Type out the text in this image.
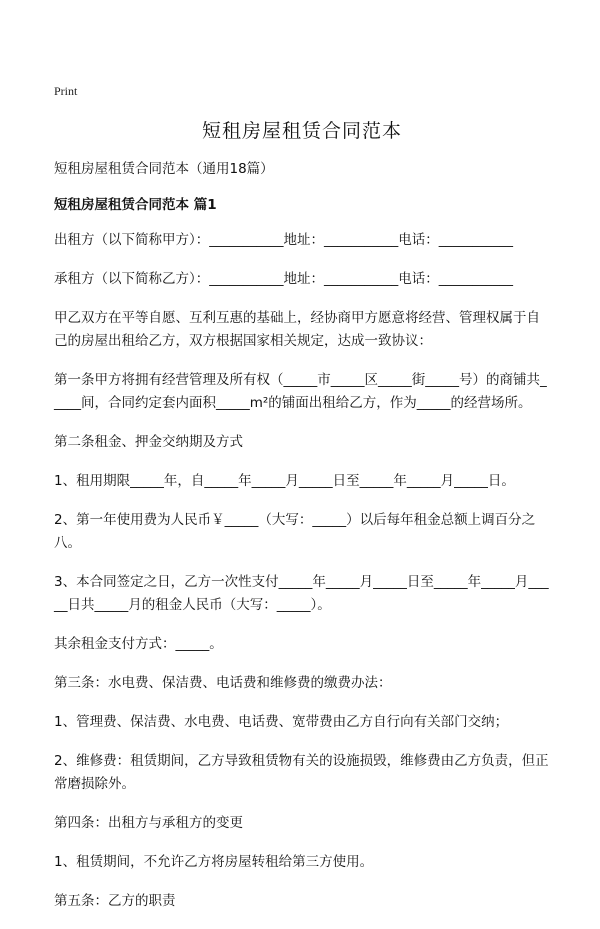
Print
短租房屋租赁合同范本
短租房屋租赁合同范本（通用18篇）
短租房屋租赁合同范本 篇1
出租方（以下简称甲方）：___________地址：___________电话：___________
承租方（以下简称乙方）：___________地址：___________电话：___________
甲乙双方在平等自愿、互利互惠的基础上，经协商甲方愿意将经营、管理权属于自己的房屋出租给乙方，双方根据国家相关规定，达成一致协议：
第一条甲方将拥有经营管理及所有权（_____市_____区_____街_____号）的商铺共_____间，合同约定套内面积_____m²的铺面出租给乙方，作为_____的经营场所。
第二条租金、押金交纳期及方式
1、租用期限_____年，自_____年_____月_____日至_____年_____月_____日。
2、第一年使用费为人民币￥_____（大写：_____）以后每年租金总额上调百分之八。
3、本合同签定之日，乙方一次性支付_____年_____月_____日至_____年_____月_____日共_____月的租金人民币（大写：_____）。
其余租金支付方式：_____。
第三条：水电费、保洁费、电话费和维修费的缴费办法：
1、管理费、保洁费、水电费、电话费、宽带费由乙方自行向有关部门交纳；
2、维修费：租赁期间，乙方导致租赁物有关的设施损毁，维修费由乙方负责，但正常磨损除外。
第四条：出租方与承租方的变更
1、租赁期间，不允许乙方将房屋转租给第三方使用。
第五条：乙方的职责
